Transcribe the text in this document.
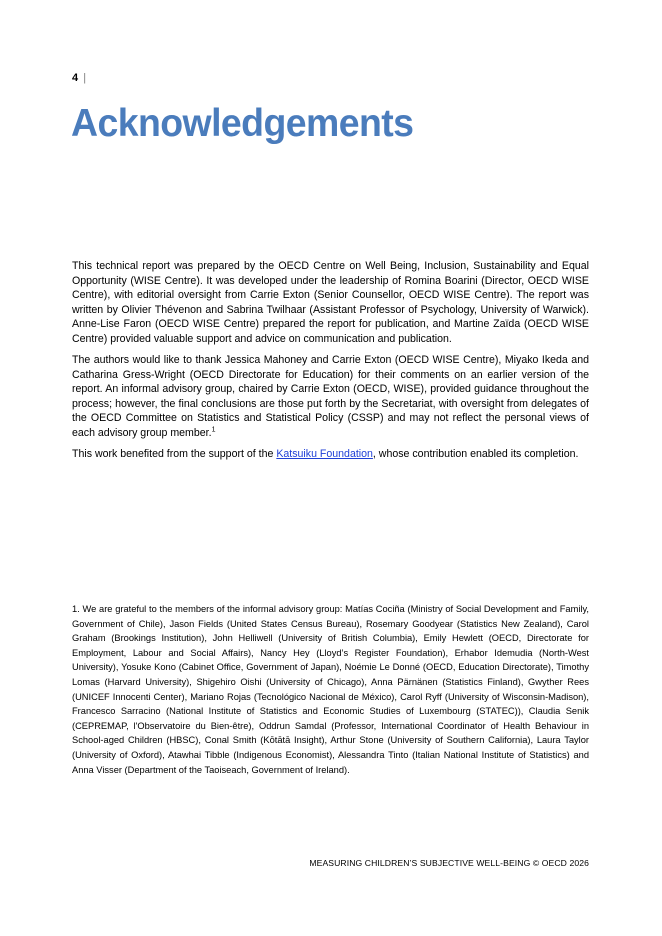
4 |
Acknowledgements

This technical report was prepared by the OECD Centre on Well Being, Inclusion, Sustainability and Equal Opportunity (WISE Centre). It was developed under the leadership of Romina Boarini (Director, OECD WISE Centre), with editorial oversight from Carrie Exton (Senior Counsellor, OECD WISE Centre). The report was written by Olivier Thévenon and Sabrina Twilhaar (Assistant Professor of Psychology, University of Warwick). Anne-Lise Faron (OECD WISE Centre) prepared the report for publication, and Martine Zaïda (OECD WISE Centre) provided valuable support and advice on communication and publication.

The authors would like to thank Jessica Mahoney and Carrie Exton (OECD WISE Centre), Miyako Ikeda and Catharina Gress-Wright (OECD Directorate for Education) for their comments on an earlier version of the report. An informal advisory group, chaired by Carrie Exton (OECD, WISE), provided guidance throughout the process; however, the final conclusions are those put forth by the Secretariat, with oversight from delegates of the OECD Committee on Statistics and Statistical Policy (CSSP) and may not reflect the personal views of each advisory group member.$^1$

This work benefited from the support of the Katsuiku Foundation, whose contribution enabled its completion.

1. We are grateful to the members of the informal advisory group: Matías Cociña (Ministry of Social Development and Family, Government of Chile), Jason Fields (United States Census Bureau), Rosemary Goodyear (Statistics New Zealand), Carol Graham (Brookings Institution), John Helliwell (University of British Columbia), Emily Hewlett (OECD, Directorate for Employment, Labour and Social Affairs), Nancy Hey (Lloyd’s Register Foundation), Erhabor Idemudia (North-West University), Yosuke Kono (Cabinet Office, Government of Japan), Noémie Le Donné (OECD, Education Directorate), Timothy Lomas (Harvard University), Shigehiro Oishi (University of Chicago), Anna Pärnänen (Statistics Finland), Gwyther Rees (UNICEF Innocenti Center), Mariano Rojas (Tecnológico Nacional de México), Carol Ryff (University of Wisconsin-Madison), Francesco Sarracino (National Institute of Statistics and Economic Studies of Luxembourg (STATEC)), Claudia Senik (CEPREMAP, l'Observatoire du Bien-être), Oddrun Samdal (Professor, International Coordinator of Health Behaviour in School-aged Children (HBSC), Conal Smith (Kōtātā Insight), Arthur Stone (University of Southern California), Laura Taylor (University of Oxford), Atawhai Tibble (Indigenous Economist), Alessandra Tinto (Italian National Institute of Statistics) and Anna Visser (Department of the Taoiseach, Government of Ireland).

MEASURING CHILDREN’S SUBJECTIVE WELL-BEING © OECD 2026
